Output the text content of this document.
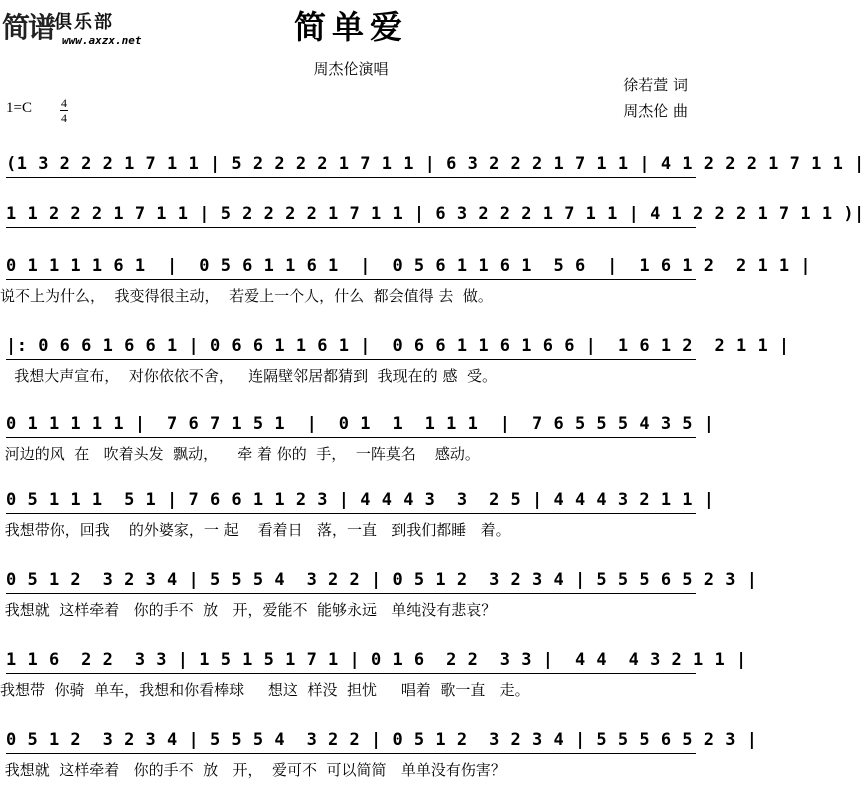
简谱 俱乐部
www.axzx.net	简单爱
周杰伦演唱
徐若萱 词
周杰伦 曲
1=C 4
4
(1 3 2 2 2 1 7 1 1 | 5 2 2 2 2 1 7 1 1 | 6 3 2 2 2 1 7 1 1 | 4 1 2 2 2 1 7 1 1 |
1 1 2 2 2 1 7 1 1 | 5 2 2 2 2 1 7 1 1 | 6 3 2 2 2 1 7 1 1 | 4 1 2 2 2 1 7 1 1 )|
0 1 1 1 1 6 1  |  0 5 6 1 1 6 1  |  0 5 6 1 1 6 1  5 6  |  1 6 1 2  2 1 1 |
说不上为什么，  我变得很主动，  若爱上一个人，什么  都会值得 去  做。
|: 0 6 6 1 6 6 1 | 0 6 6 1 1 6 1 |  0 6 6 1 1 6 1 6 6 |  1 6 1 2  2 1 1 |
我想大声宣布，  对你依依不舍，   连隔壁邻居都猜到  我现在的 感  受。
0 1 1 1 1 1 |  7 6 7 1 5 1  |  0 1  1  1 1 1  |  7 6 5 5 5 4 3 5 |
河边的风  在   吹着头发  飘动，    牵 着 你的  手，  一阵莫名    感动。
0 5 1 1 1  5 1 | 7 6 6 1 1 2 3 | 4 4 4 3  3  2 5 | 4 4 4 3 2 1 1 |
我想带你，回我    的外婆家，一 起    看着日   落，一直   到我们都睡   着。
0 5 1 2  3 2 3 4 | 5 5 5 4  3 2 2 | 0 5 1 2  3 2 3 4 | 5 5 5 6 5 2 3 |
我想就  这样牵着   你的手不  放   开，爱能不  能够永远   单纯没有悲哀？
1 1 6  2 2  3 3 | 1 5 1 5 1 7 1 | 0 1 6  2 2  3 3 |  4 4  4 3 2 1 1 |
我想带  你骑  单车，我想和你看棒球     想这  样没  担忧     唱着  歌一直   走。
0 5 1 2  3 2 3 4 | 5 5 5 4  3 2 2 | 0 5 1 2  3 2 3 4 | 5 5 5 6 5 2 3 |
我想就  这样牵着   你的手不  放   开，  爱可不  可以简简   单单没有伤害？
